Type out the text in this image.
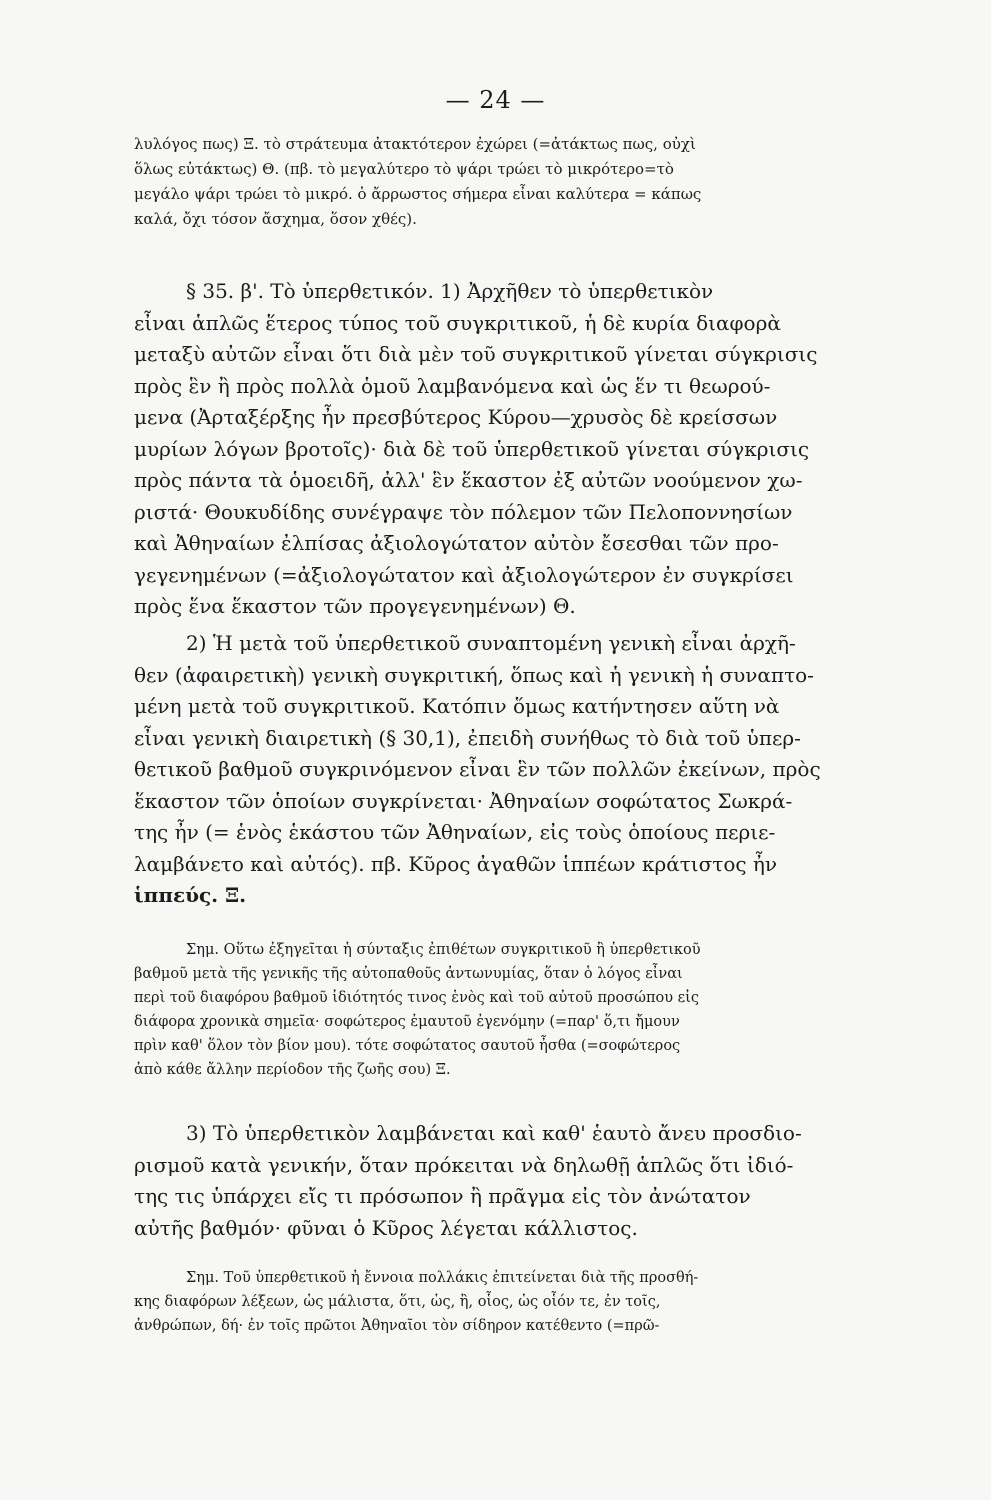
— 24 —
λυλόγος πως) Ξ. τὸ στράτευμα ἀτακτότερον ἐχώρει (=ἀτάκτως πως, οὐχὶ
ὅλως εὐτάκτως) Θ. (πβ. τὸ μεγαλύτερο τὸ ψάρι τρώει τὸ μικρότερο=τὸ
μεγάλο ψάρι τρώει τὸ μικρό. ὁ ἄρρωστος σήμερα εἶναι καλύτερα = κάπως
καλά, ὄχι τόσον ἄσχημα, ὅσον χθές).
§ 35. β'. Τὸ ὑπερθετικόν. 1) Ἀρχῆθεν τὸ ὑπερθετικὸν
εἶναι ἁπλῶς ἕτερος τύπος τοῦ συγκριτικοῦ, ἡ δὲ κυρία διαφορὰ
μεταξὺ αὐτῶν εἶναι ὅτι διὰ μὲν τοῦ συγκριτικοῦ γίνεται σύγκρισις
πρὸς ἓν ἢ πρὸς πολλὰ ὁμοῦ λαμβανόμενα καὶ ὡς ἕν τι θεωρού-
μενα (Ἀρταξέρξης ἦν πρεσβύτερος Κύρου—χρυσὸς δὲ κρείσσων
μυρίων λόγων βροτοῖς)· διὰ δὲ τοῦ ὑπερθετικοῦ γίνεται σύγκρισις
πρὸς πάντα τὰ ὁμοειδῆ, ἀλλ' ἓν ἕκαστον ἐξ αὐτῶν νοούμενον χω-
ριστά· Θουκυδίδης συνέγραψε τὸν πόλεμον τῶν Πελοποννησίων
καὶ Ἀθηναίων ἐλπίσας ἀξιολογώτατον αὐτὸν ἔσεσθαι τῶν προ-
γεγενημένων (=ἀξιολογώτατον καὶ ἀξιολογώτερον ἐν συγκρίσει
πρὸς ἕνα ἕκαστον τῶν προγεγενημένων) Θ.
2) Ἡ μετὰ τοῦ ὑπερθετικοῦ συναπτομένη γενικὴ εἶναι ἀρχῆ-
θεν (ἀφαιρετικὴ) γενικὴ συγκριτική, ὅπως καὶ ἡ γενικὴ ἡ συναπτο-
μένη μετὰ τοῦ συγκριτικοῦ. Κατόπιν ὅμως κατήντησεν αὕτη νὰ
εἶναι γενικὴ διαιρετικὴ (§ 30,1), ἐπειδὴ συνήθως τὸ διὰ τοῦ ὑπερ-
θετικοῦ βαθμοῦ συγκρινόμενον εἶναι ἓν τῶν πολλῶν ἐκείνων, πρὸς
ἕκαστον τῶν ὁποίων συγκρίνεται· Ἀθηναίων σοφώτατος Σωκρά-
της ἦν (= ἑνὸς ἑκάστου τῶν Ἀθηναίων, εἰς τοὺς ὁποίους περιε-
λαμβάνετο καὶ αὐτός). πβ. Κῦρος ἀγαθῶν ἱππέων κράτιστος ἦν
ἱππεύς. Ξ.
Σημ. Οὕτω ἐξηγεῖται ἡ σύνταξις ἐπιθέτων συγκριτικοῦ ἢ ὑπερθετικοῦ
βαθμοῦ μετὰ τῆς γενικῆς τῆς αὐτοπαθοῦς ἀντωνυμίας, ὅταν ὁ λόγος εἶναι
περὶ τοῦ διαφόρου βαθμοῦ ἰδιότητός τινος ἑνὸς καὶ τοῦ αὐτοῦ προσώπου εἰς
διάφορα χρονικὰ σημεῖα· σοφώτερος ἐμαυτοῦ ἐγενόμην (=παρ' ὅ,τι ἤμουν
πρὶν καθ' ὅλον τὸν βίον μου). τότε σοφώτατος σαυτοῦ ἦσθα (=σοφώτερος
ἀπὸ κάθε ἄλλην περίοδον τῆς ζωῆς σου) Ξ.
3) Τὸ ὑπερθετικὸν λαμβάνεται καὶ καθ' ἑαυτὸ ἄνευ προσδιο-
ρισμοῦ κατὰ γενικήν, ὅταν πρόκειται νὰ δηλωθῇ ἁπλῶς ὅτι ἰδιό-
της τις ὑπάρχει εἴς τι πρόσωπον ἢ πρᾶγμα εἰς τὸν ἀνώτατον
αὐτῆς βαθμόν· φῦναι ὁ Κῦρος λέγεται κάλλιστος.
Σημ. Τοῦ ὑπερθετικοῦ ἡ ἔννοια πολλάκις ἐπιτείνεται διὰ τῆς προσθή-
κης διαφόρων λέξεων, ὡς μάλιστα, ὅτι, ὡς, ἢ, οἷος, ὡς οἷόν τε, ἐν τοῖς,
ἀνθρώπων, δή· ἐν τοῖς πρῶτοι Ἀθηναῖοι τὸν σίδηρον κατέθεντο (=πρῶ-
